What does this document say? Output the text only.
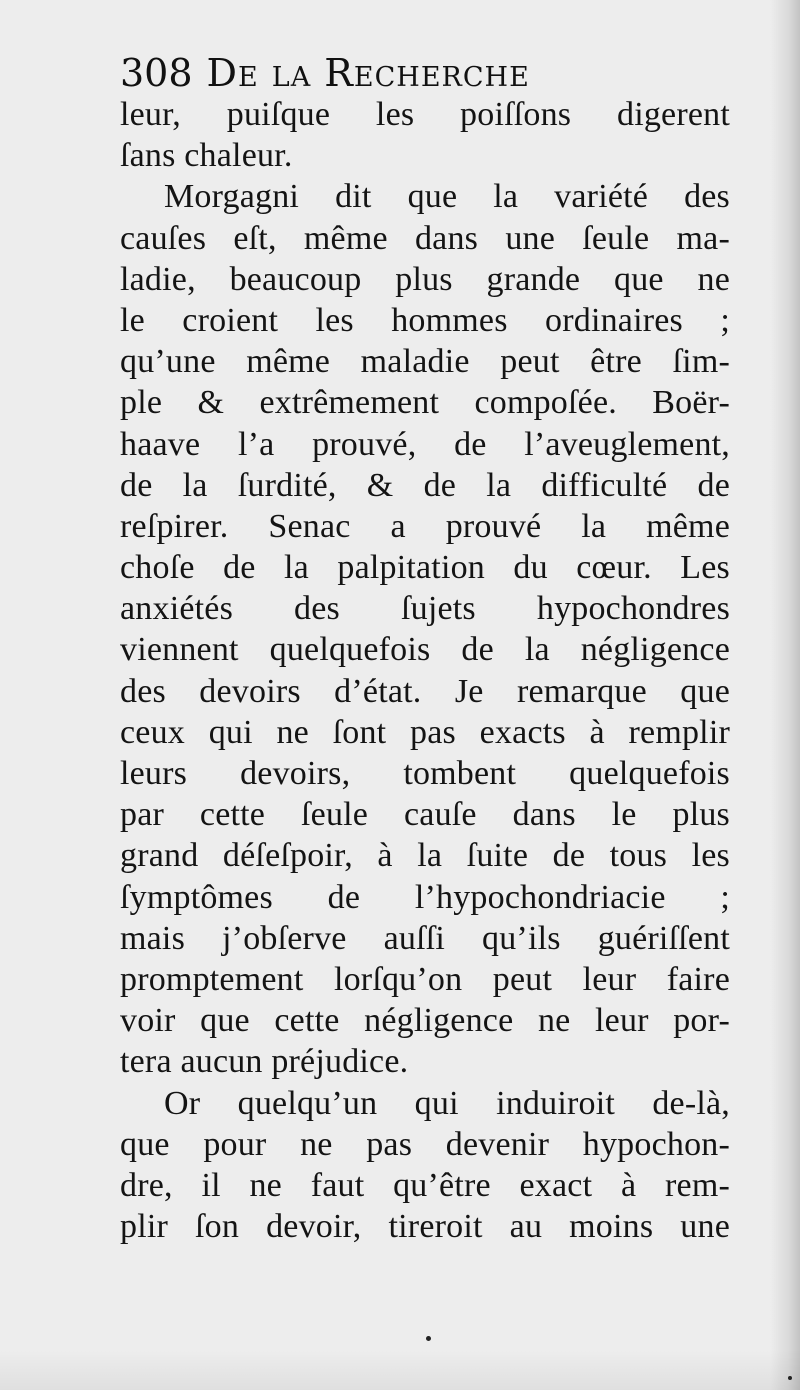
308 De la Recherche
leur, puiſque les poiſſons digerent
ſans chaleur.
Morgagni dit que la variété des
cauſes eſt, même dans une ſeule ma-
ladie, beaucoup plus grande que ne
le croient les hommes ordinaires ;
qu’une même maladie peut être ſim-
ple & extrêmement compoſée. Boër-
haave l’a prouvé, de l’aveuglement,
de la ſurdité, & de la difficulté de
reſpirer. Senac a prouvé la même
choſe de la palpitation du cœur. Les
anxiétés des ſujets hypochondres
viennent quelquefois de la négligence
des devoirs d’état. Je remarque que
ceux qui ne ſont pas exacts à remplir
leurs devoirs, tombent quelquefois
par cette ſeule cauſe dans le plus
grand déſeſpoir, à la ſuite de tous les
ſymptômes de l’hypochondriacie ;
mais j’obſerve auſſi qu’ils guériſſent
promptement lorſqu’on peut leur faire
voir que cette négligence ne leur por-
tera aucun préjudice.
Or quelqu’un qui induiroit de-là,
que pour ne pas devenir hypochon-
dre, il ne faut qu’être exact à rem-
plir ſon devoir, tireroit au moins une
